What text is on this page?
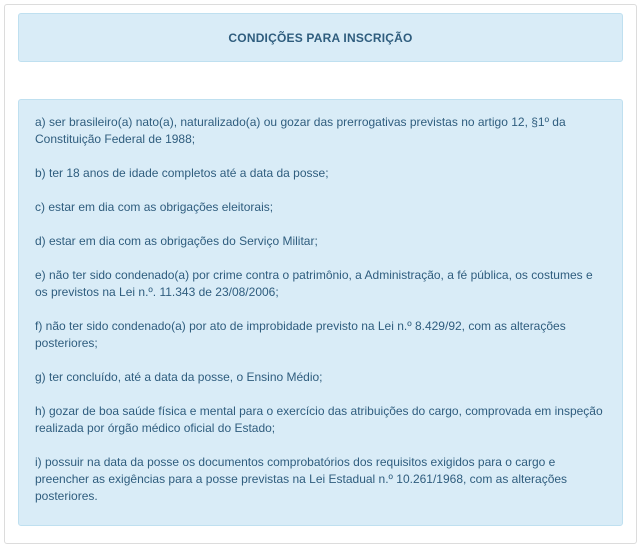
CONDIÇÕES PARA INSCRIÇÃO

a) ser brasileiro(a) nato(a), naturalizado(a) ou gozar das prerrogativas previstas no artigo 12, §1º da Constituição Federal de 1988;

b) ter 18 anos de idade completos até a data da posse;

c) estar em dia com as obrigações eleitorais;

d) estar em dia com as obrigações do Serviço Militar;

e) não ter sido condenado(a) por crime contra o patrimônio, a Administração, a fé pública, os costumes e os previstos na Lei n.º. 11.343 de 23/08/2006;

f) não ter sido condenado(a) por ato de improbidade previsto na Lei n.º 8.429/92, com as alterações posteriores;

g) ter concluído, até a data da posse, o Ensino Médio;

h) gozar de boa saúde física e mental para o exercício das atribuições do cargo, comprovada em inspeção realizada por órgão médico oficial do Estado;

i) possuir na data da posse os documentos comprobatórios dos requisitos exigidos para o cargo e preencher as exigências para a posse previstas na Lei Estadual n.º 10.261/1968, com as alterações posteriores.
